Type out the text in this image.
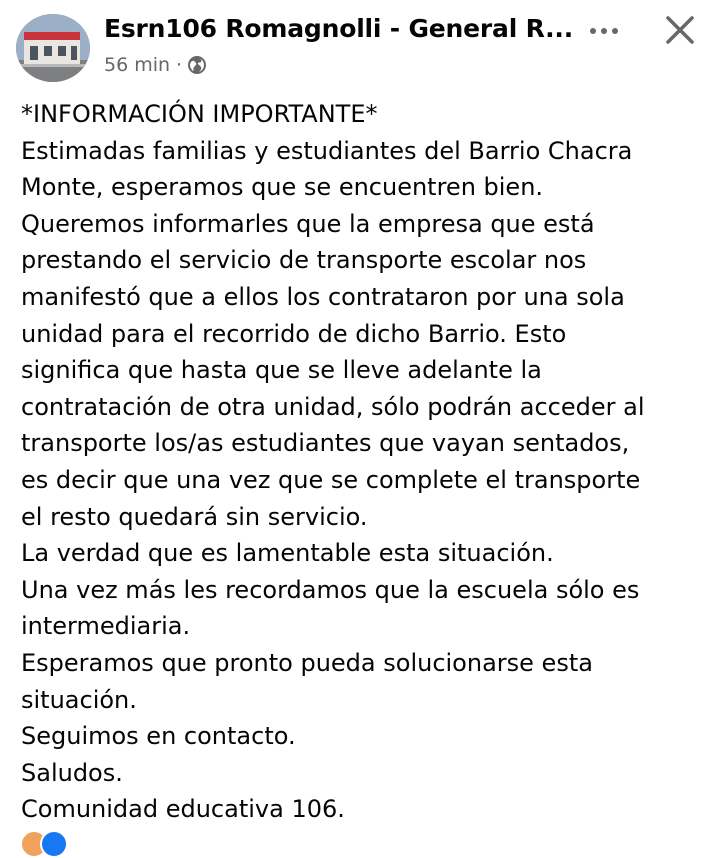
Esrn106 Romagnolli - General R...
56 min ·
*INFORMACIÓN IMPORTANTE*
Estimadas familias y estudiantes del Barrio Chacra
Monte, esperamos que se encuentren bien.
Queremos informarles que la empresa que está
prestando el servicio de transporte escolar nos
manifestó que a ellos los contrataron por una sola
unidad para el recorrido de dicho Barrio. Esto
significa que hasta que se lleve adelante la
contratación de otra unidad, sólo podrán acceder al
transporte los/as estudiantes que vayan sentados,
es decir que una vez que se complete el transporte
el resto quedará sin servicio.
La verdad que es lamentable esta situación.
Una vez más les recordamos que la escuela sólo es
intermediaria.
Esperamos que pronto pueda solucionarse esta
situación.
Seguimos en contacto.
Saludos.
Comunidad educativa 106.
